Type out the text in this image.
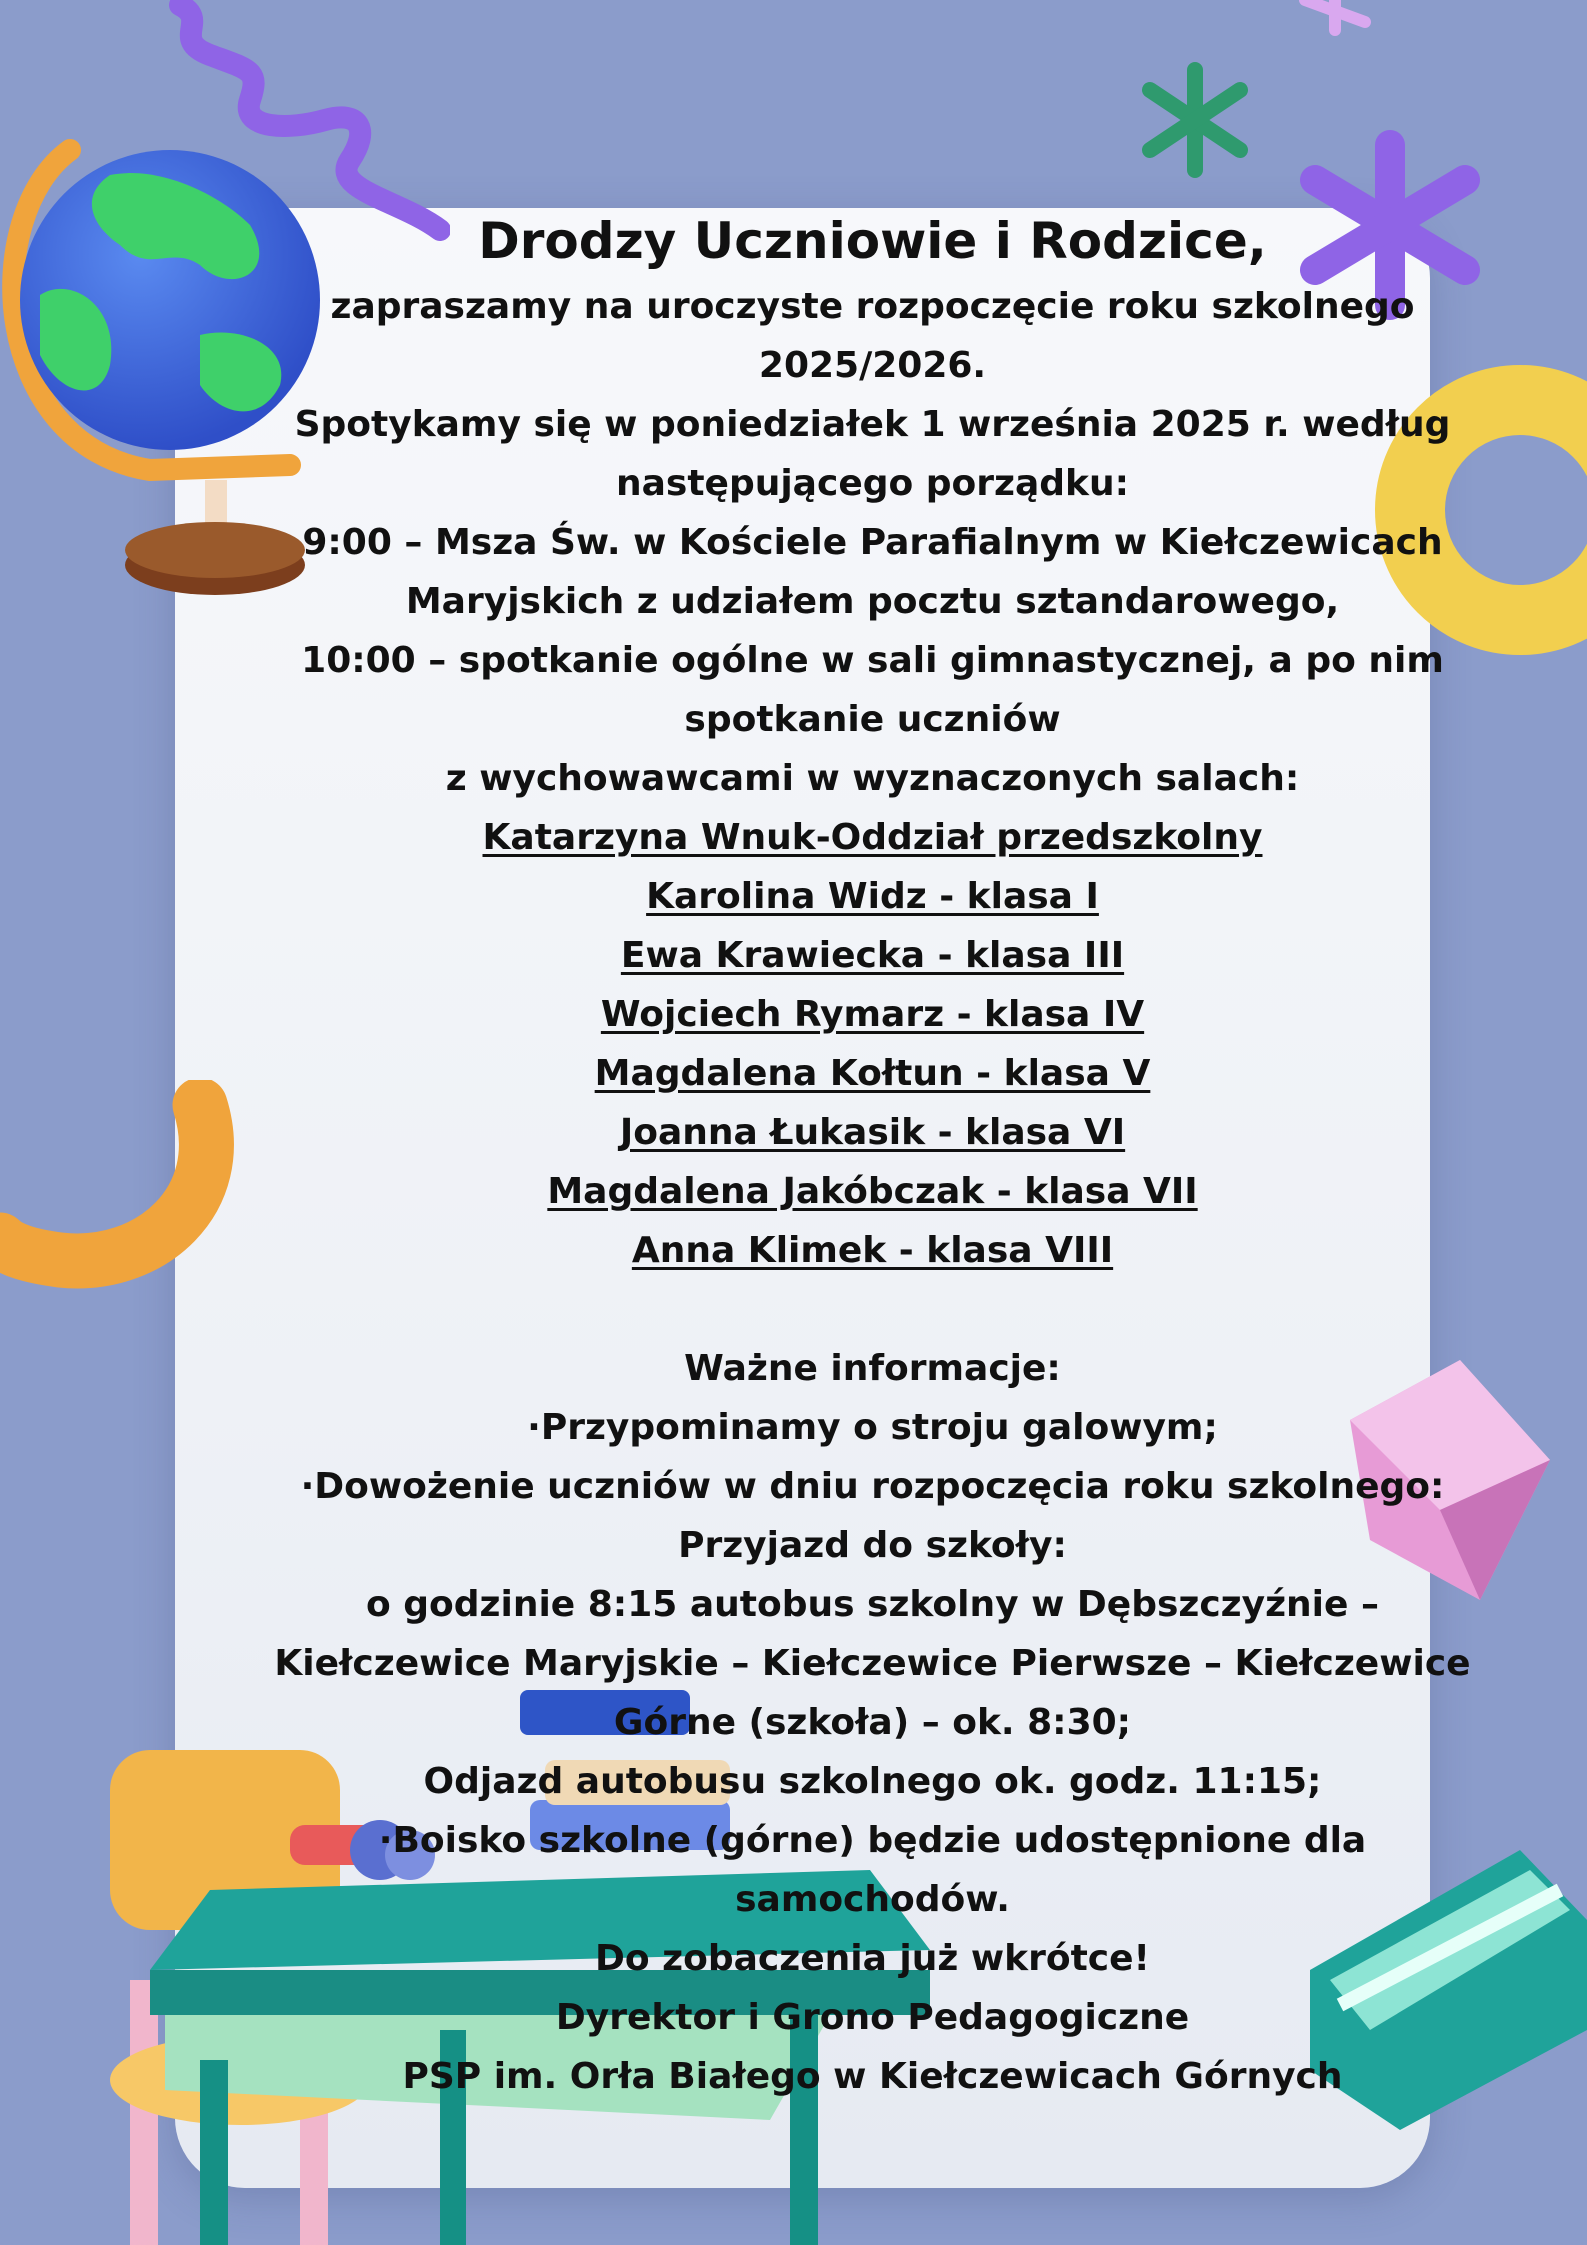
Drodzy Uczniowie i Rodzice,
zapraszamy na uroczyste rozpoczęcie roku szkolnego
2025/2026.
Spotykamy się w poniedziałek 1 września 2025 r. według
następującego porządku:
9:00 – Msza Św. w Kościele Parafialnym w Kiełczewicach
Maryjskich z udziałem pocztu sztandarowego,
10:00 – spotkanie ogólne w sali gimnastycznej, a po nim
spotkanie uczniów
z wychowawcami w wyznaczonych salach:
Katarzyna Wnuk-Oddział przedszkolny
Karolina Widz - klasa I
Ewa Krawiecka - klasa III
Wojciech Rymarz - klasa IV
Magdalena Kołtun - klasa V
Joanna Łukasik - klasa VI
Magdalena Jakóbczak - klasa VII
Anna Klimek - klasa VIII
Ważne informacje:
·Przypominamy o stroju galowym;
·Dowożenie uczniów w dniu rozpoczęcia roku szkolnego:
Przyjazd do szkoły:
o godzinie 8:15 autobus szkolny w Dębszczyźnie –
Kiełczewice Maryjskie – Kiełczewice Pierwsze – Kiełczewice
Górne (szkoła) – ok. 8:30;
Odjazd autobusu szkolnego ok. godz. 11:15;
·Boisko szkolne (górne) będzie udostępnione dla
samochodów.
Do zobaczenia już wkrótce!
Dyrektor i Grono Pedagogiczne
PSP im. Orła Białego w Kiełczewicach Górnych
